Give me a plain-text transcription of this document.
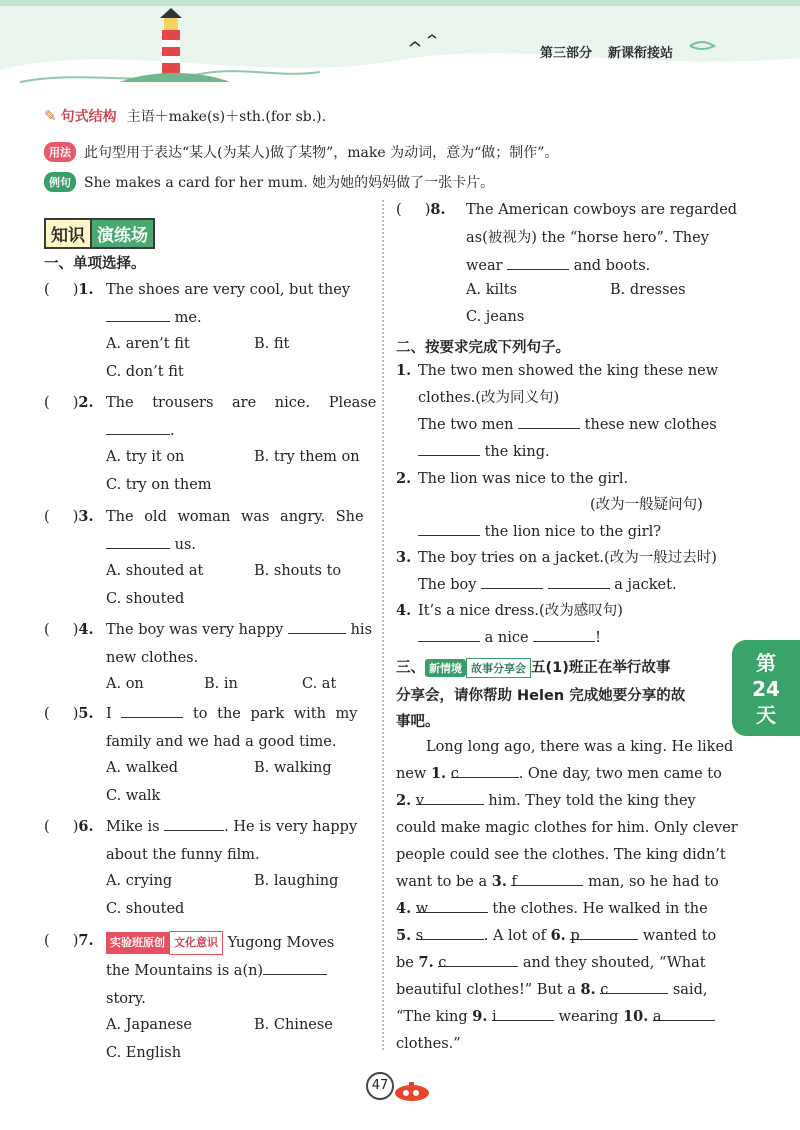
第三部分 新课衔接站
✎ 句式结构 主语＋make(s)＋sth.(for sb.).
用法 此句型用于表达“某人(为某人)做了某物”，make 为动词，意为“做；制作”。
例句 She makes a card for her mum. 她为她的妈妈做了一张卡片。
知识 演练场
一、单项选择。
(     )1. The shoes are very cool, but they
me.
A. aren’t fit	B. fit
C. don’t fit
(     )2. The trousers are nice. Please
.
A. try it on	B. try them on
C. try on them
(     )3. The old woman was angry. She
us.
A. shouted at	B. shouts to
C. shouted
(     )4. The boy was very happy	his
new clothes.
A. on	B. in	C. at
(     )5. I	to the park with my
family and we had a good time.
A. walked	B. walking
C. walk
(     )6. Mike is	. He is very happy
about the funny film.
A. crying	B. laughing
C. shouted
(     )7.	实验班原创 文化意识 Yugong Moves
the Mountains is a(n)
story.
A. Japanese	B. Chinese
C. English
(     )8. The American cowboys are regarded
as(被视为) the “horse hero”. They
wear	and boots.
A. kilts	B. dresses
C. jeans
二、按要求完成下列句子。
1. The two men showed the king these new
clothes.(改为同义句)
The two men	these new clothes
the king.
2. The lion was nice to the girl.
(改为一般疑问句)
the lion nice to the girl?
3. The boy tries on a jacket.(改为一般过去时)
The boy	a jacket.
4. It’s a nice dress.(改为感叹句)
a nice	!
三、 新情境 故事分享会 五(1)班正在举行故事
分享会，请你帮助 Helen 完成她要分享的故
事吧。
Long long ago, there was a king. He liked
new 1. c	. One day, two men came to
2. v	him. They told the king they
could make magic clothes for him. Only clever
people could see the clothes. The king didn’t
want to be a 3. f	man, so he had to
4. w	the clothes. He walked in the
5. s	. A lot of 6. p	wanted to
be 7. c	and they shouted, “What
beautiful clothes!” But a 8. c	said,
“The king 9. i	wearing 10. a
clothes.”
第
24
天
47
